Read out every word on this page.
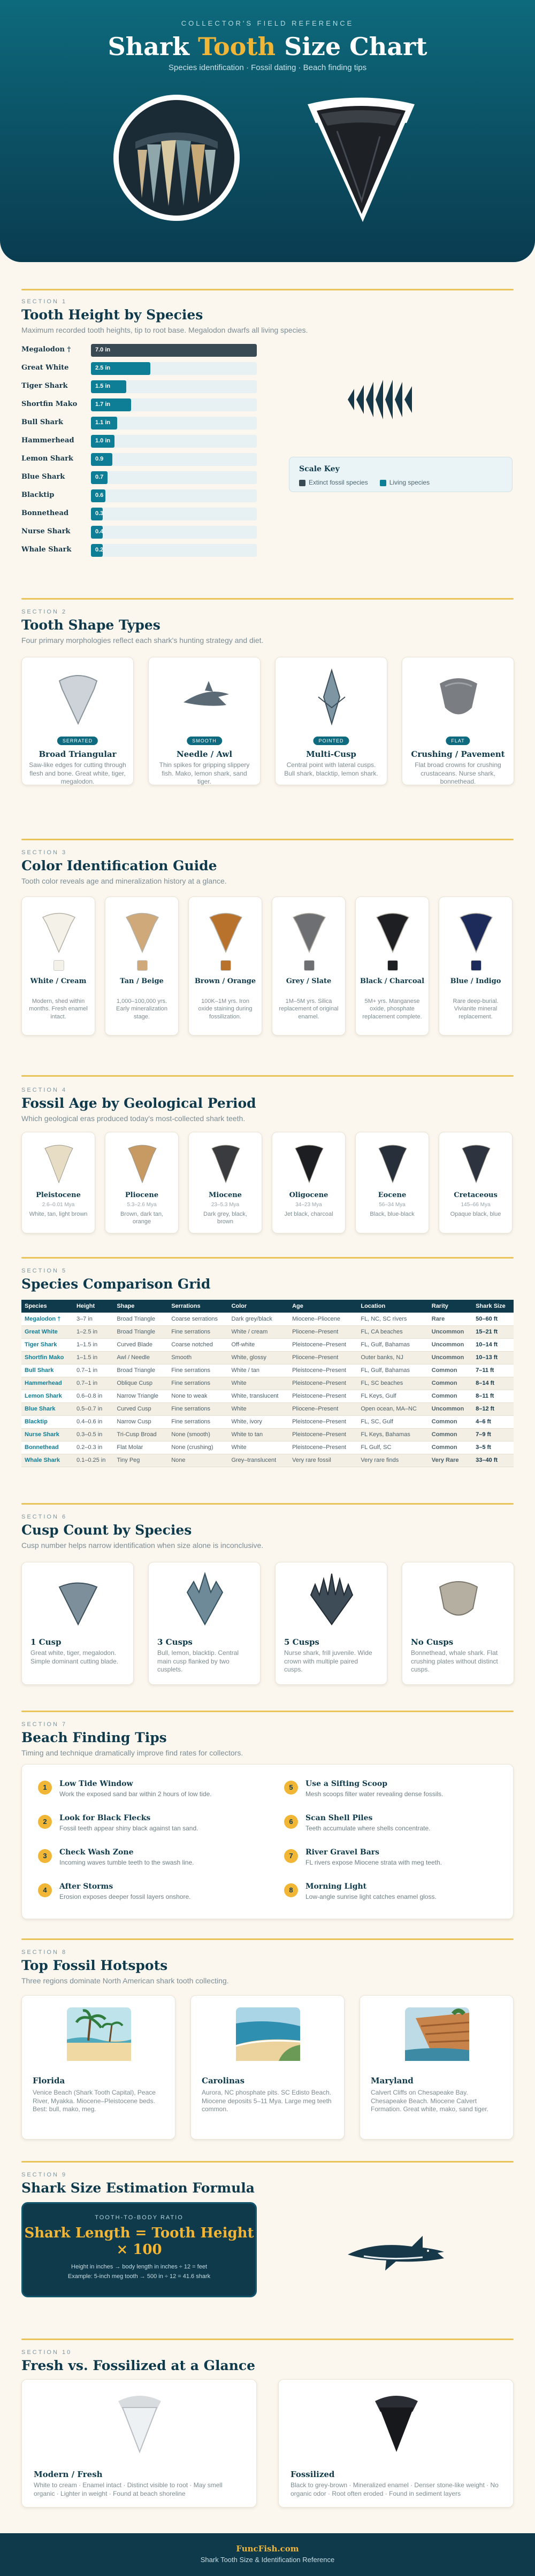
COLLECTOR'S FIELD REFERENCE
Shark Tooth Size Chart
Species identification · Fossil dating · Beach finding tips
SECTION 1
Tooth Height by Species
Maximum recorded tooth heights, tip to root base. Megalodon dwarfs all living species.
Megalodon †	7.0 in
Great White	2.5 in
Tiger Shark	1.5 in
Shortfin Mako	1.7 in
Bull Shark	1.1 in
Hammerhead	1.0 in
Lemon Shark	0.9
Blue Shark	0.7
Blacktip	0.6
Bonnethead	0.3
Nurse Shark	0.4
Whale Shark	0.2
Scale Key
Extinct fossil species	Living species
SECTION 2
Tooth Shape Types
Four primary morphologies reflect each shark's hunting strategy and diet.
SERRATED
Broad Triangular
Saw-like edges for cutting through flesh and bone. Great white, tiger, megalodon.
SMOOTH
Needle / Awl
Thin spikes for gripping slippery fish. Mako, lemon shark, sand tiger.
POINTED
Multi-Cusp
Central point with lateral cusps. Bull shark, blacktip, lemon shark.
FLAT
Crushing / Pavement
Flat broad crowns for crushing crustaceans. Nurse shark, bonnethead.
SECTION 3
Color Identification Guide
Tooth color reveals age and mineralization history at a glance.
White / Cream
Modern, shed within months. Fresh enamel intact.
Tan / Beige
1,000–100,000 yrs. Early mineralization stage.
Brown / Orange
100K–1M yrs. Iron oxide staining during fossilization.
Grey / Slate
1M–5M yrs. Silica replacement of original enamel.
Black / Charcoal
5M+ yrs. Manganese oxide, phosphate replacement complete.
Blue / Indigo
Rare deep-burial. Vivianite mineral replacement.
SECTION 4
Fossil Age by Geological Period
Which geological eras produced today's most-collected shark teeth.
Pleistocene
2.6–0.01 Mya
White, tan, light brown
Pliocene
5.3–2.6 Mya
Brown, dark tan, orange
Miocene
23–5.3 Mya
Dark grey, black, brown
Oligocene
34–23 Mya
Jet black, charcoal
Eocene
56–34 Mya
Black, blue-black
Cretaceous
145–66 Mya
Opaque black, blue
SECTION 5
Species Comparison Grid
Species	Height	Shape	Serrations	Color	Age	Location	Rarity	Shark Size
Megalodon †	3–7 in	Broad Triangle	Coarse serrations	Dark grey/black	Miocene–Pliocene	FL, NC, SC rivers	Rare	50–60 ft
Great White	1–2.5 in	Broad Triangle	Fine serrations	White / cream	Pliocene–Present	FL, CA beaches	Uncommon	15–21 ft
Tiger Shark	1–1.5 in	Curved Blade	Coarse notched	Off-white	Pleistocene–Present	FL, Gulf, Bahamas	Uncommon	10–14 ft
Shortfin Mako	1–1.5 in	Awl / Needle	Smooth	White, glossy	Pliocene–Present	Outer banks, NJ	Uncommon	10–13 ft
Bull Shark	0.7–1 in	Broad Triangle	Fine serrations	White / tan	Pleistocene–Present	FL, Gulf, Bahamas	Common	7–11 ft
Hammerhead	0.7–1 in	Oblique Cusp	Fine serrations	White	Pleistocene–Present	FL, SC beaches	Common	8–14 ft
Lemon Shark	0.6–0.8 in	Narrow Triangle	None to weak	White, translucent	Pleistocene–Present	FL Keys, Gulf	Common	8–11 ft
Blue Shark	0.5–0.7 in	Curved Cusp	Fine serrations	White	Pliocene–Present	Open ocean, MA–NC	Uncommon	8–12 ft
Blacktip	0.4–0.6 in	Narrow Cusp	Fine serrations	White, ivory	Pleistocene–Present	FL, SC, Gulf	Common	4–6 ft
Nurse Shark	0.3–0.5 in	Tri-Cusp Broad	None (smooth)	White to tan	Pleistocene–Present	FL Keys, Bahamas	Common	7–9 ft
Bonnethead	0.2–0.3 in	Flat Molar	None (crushing)	White	Pleistocene–Present	FL Gulf, SC	Common	3–5 ft
Whale Shark	0.1–0.25 in	Tiny Peg	None	Grey–translucent	Very rare fossil	Very rare finds	Very Rare	33–40 ft
SECTION 6
Cusp Count by Species
Cusp number helps narrow identification when size alone is inconclusive.
1 Cusp
Great white, tiger, megalodon. Simple dominant cutting blade.
3 Cusps
Bull, lemon, blacktip. Central main cusp flanked by two cusplets.
5 Cusps
Nurse shark, frill juvenile. Wide crown with multiple paired cusps.
No Cusps
Bonnethead, whale shark. Flat crushing plates without distinct cusps.
SECTION 7
Beach Finding Tips
Timing and technique dramatically improve find rates for collectors.
1	Low Tide Window
Work the exposed sand bar within 2 hours of low tide.
2	Look for Black Flecks
Fossil teeth appear shiny black against tan sand.
3	Check Wash Zone
Incoming waves tumble teeth to the swash line.
4	After Storms
Erosion exposes deeper fossil layers onshore.
5	Use a Sifting Scoop
Mesh scoops filter water revealing dense fossils.
6	Scan Shell Piles
Teeth accumulate where shells concentrate.
7	River Gravel Bars
FL rivers expose Miocene strata with meg teeth.
8	Morning Light
Low-angle sunrise light catches enamel gloss.
SECTION 8
Top Fossil Hotspots
Three regions dominate North American shark tooth collecting.
Florida
Venice Beach (Shark Tooth Capital), Peace River, Myakka. Miocene–Pleistocene beds. Best: bull, mako, meg.
Carolinas
Aurora, NC phosphate pits. SC Edisto Beach. Miocene deposits 5–11 Mya. Large meg teeth common.
Maryland
Calvert Cliffs on Chesapeake Bay. Chesapeake Beach. Miocene Calvert Formation. Great white, mako, sand tiger.
SECTION 9
Shark Size Estimation Formula
TOOTH-TO-BODY RATIO
Shark Length = Tooth Height
× 100
Height in inches → body length in inches ÷ 12 = feet
Example: 5-inch meg tooth → 500 in ÷ 12 = 41.6 shark
SECTION 10
Fresh vs. Fossilized at a Glance
Modern / Fresh
White to cream · Enamel intact · Distinct visible to root · May smell organic · Lighter in weight · Found at beach shoreline
Fossilized
Black to grey-brown · Mineralized enamel · Denser stone-like weight · No organic odor · Root often eroded · Found in sediment layers
FuncFish.com
Shark Tooth Size & Identification Reference
